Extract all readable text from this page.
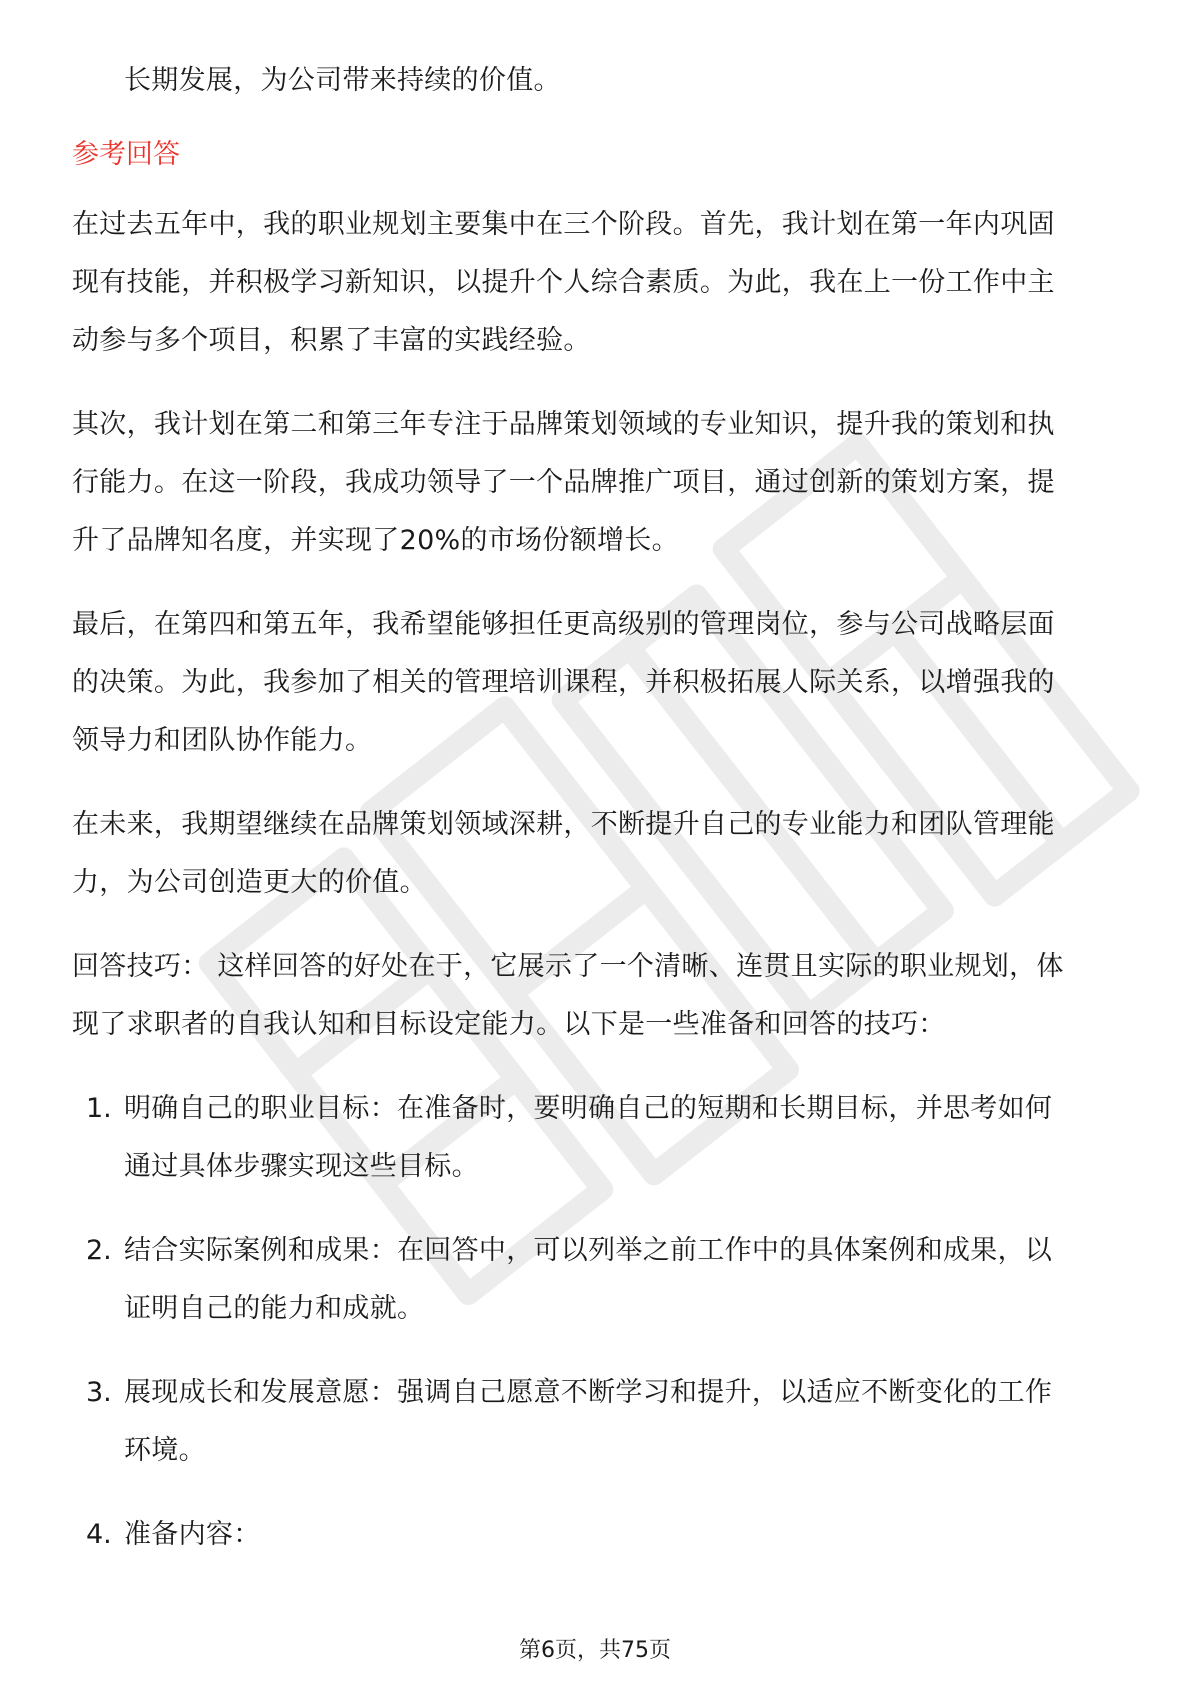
长期发展，为公司带来持续的价值。

参考回答

在过去五年中，我的职业规划主要集中在三个阶段。首先，我计划在第一年内巩固

现有技能，并积极学习新知识，以提升个人综合素质。为此，我在上一份工作中主

动参与多个项目，积累了丰富的实践经验。

其次，我计划在第二和第三年专注于品牌策划领域的专业知识，提升我的策划和执

行能力。在这一阶段，我成功领导了一个品牌推广项目，通过创新的策划方案，提

升了品牌知名度，并实现了20%的市场份额增长。

最后，在第四和第五年，我希望能够担任更高级别的管理岗位，参与公司战略层面

的决策。为此，我参加了相关的管理培训课程，并积极拓展人际关系，以增强我的

领导力和团队协作能力。

在未来，我期望继续在品牌策划领域深耕，不断提升自己的专业能力和团队管理能

力，为公司创造更大的价值。

回答技巧： 这样回答的好处在于，它展示了一个清晰、连贯且实际的职业规划，体

现了求职者的自我认知和目标设定能力。以下是一些准备和回答的技巧：

1. 明确自己的职业目标：在准备时，要明确自己的短期和长期目标，并思考如何

通过具体步骤实现这些目标。

2. 结合实际案例和成果：在回答中，可以列举之前工作中的具体案例和成果，以

证明自己的能力和成就。

3. 展现成长和发展意愿：强调自己愿意不断学习和提升，以适应不断变化的工作

环境。

4. 准备内容：

第6页，共75页
